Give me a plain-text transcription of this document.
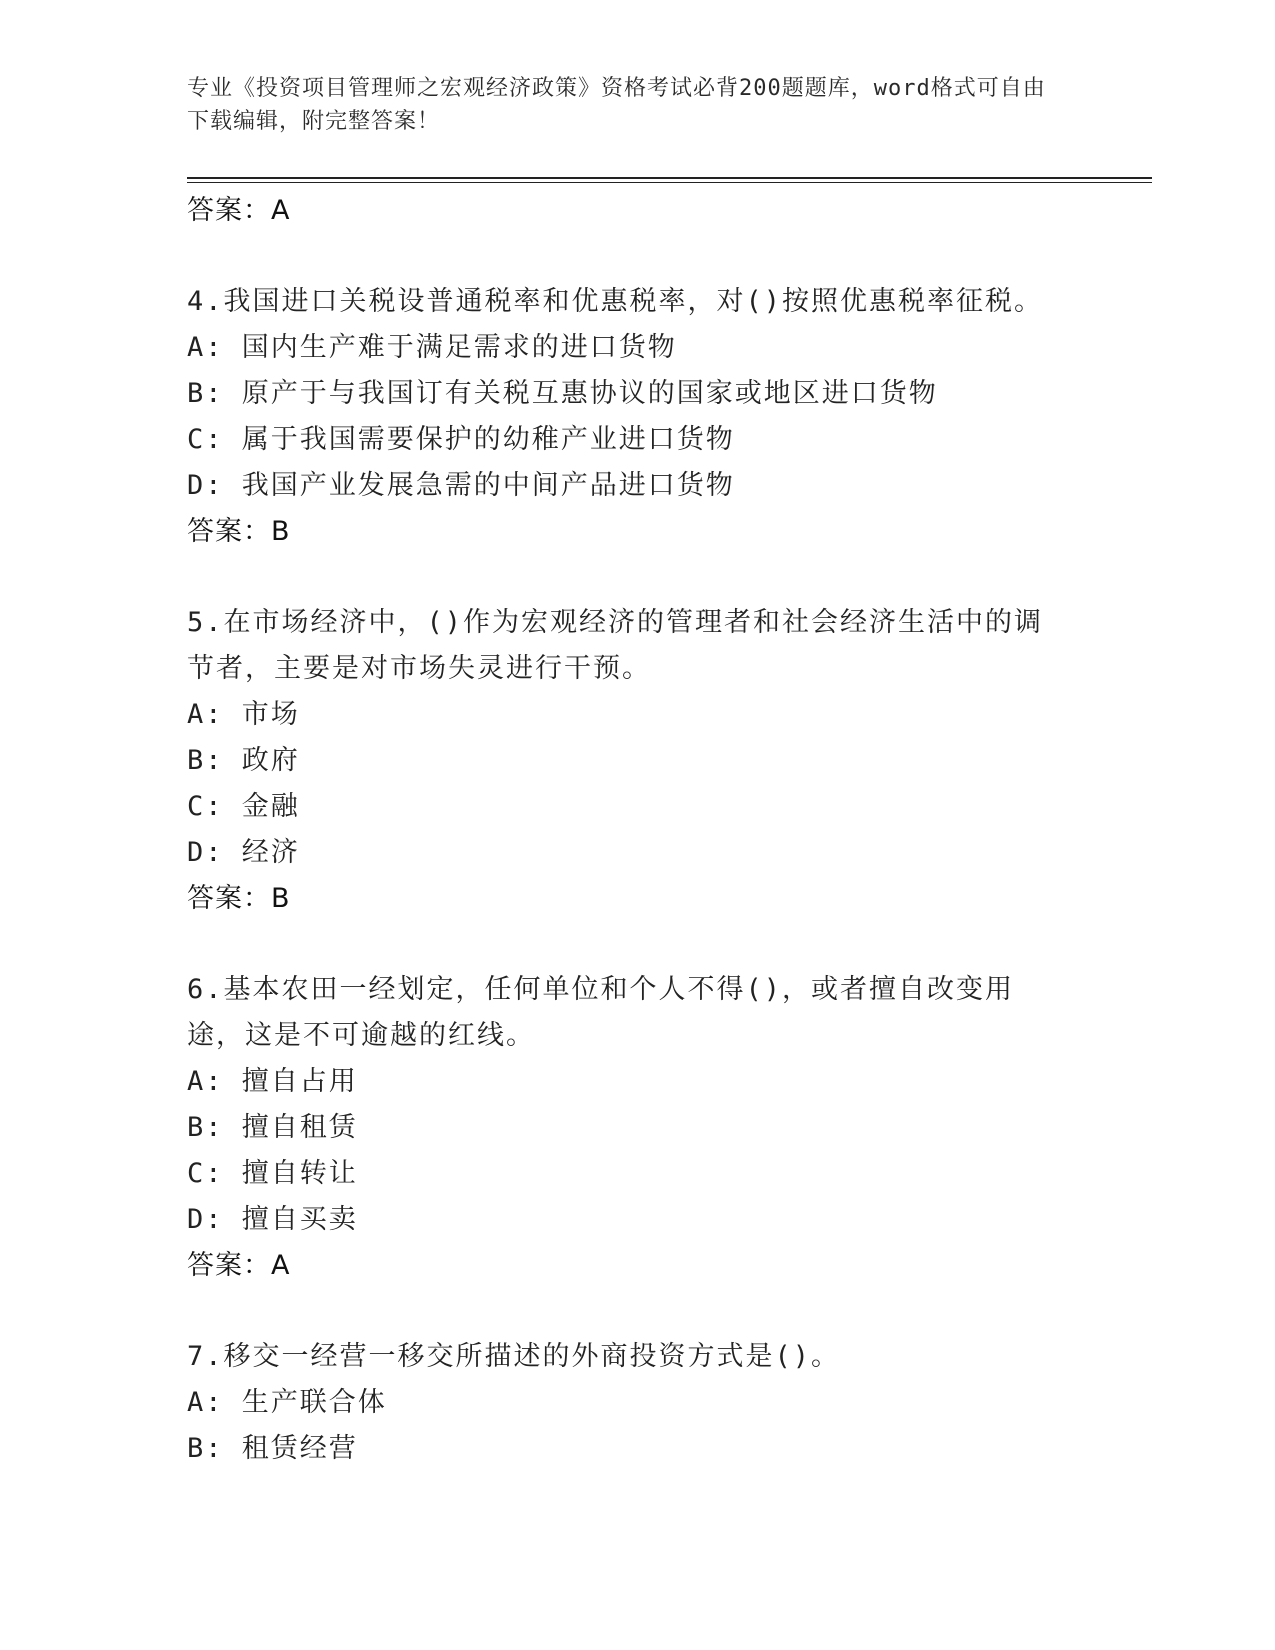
专业《投资项目管理师之宏观经济政策》资格考试必背200题题库，word格式可自由下载编辑，附完整答案！
答案：A
4.我国进口关税设普通税率和优惠税率，对()按照优惠税率征税。
A: 国内生产难于满足需求的进口货物
B: 原产于与我国订有关税互惠协议的国家或地区进口货物
C: 属于我国需要保护的幼稚产业进口货物
D: 我国产业发展急需的中间产品进口货物
答案：B
5.在市场经济中，()作为宏观经济的管理者和社会经济生活中的调节者，主要是对市场失灵进行干预。
A: 市场
B: 政府
C: 金融
D: 经济
答案：B
6.基本农田一经划定，任何单位和个人不得()，或者擅自改变用途，这是不可逾越的红线。
A: 擅自占用
B: 擅自租赁
C: 擅自转让
D: 擅自买卖
答案：A
7.移交一经营一移交所描述的外商投资方式是()。
A: 生产联合体
B: 租赁经营
